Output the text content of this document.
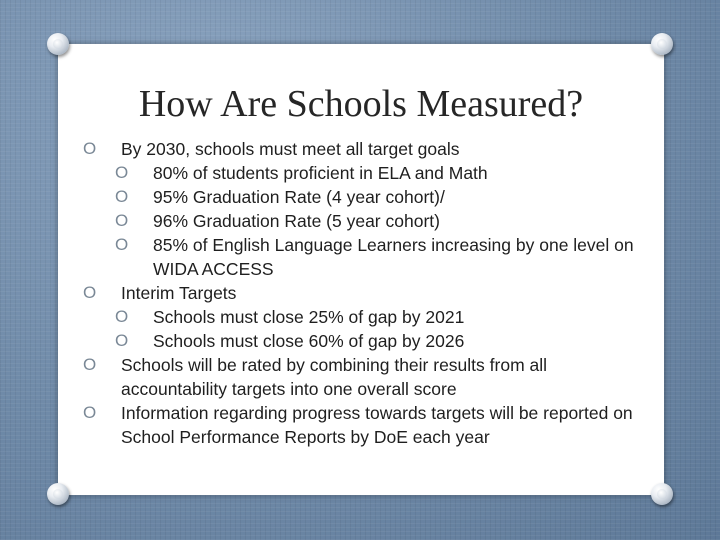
How Are Schools Measured?
O By 2030, schools must meet all target goals
O 80% of students proficient in ELA and Math
O 95% Graduation Rate (4 year cohort)/
O 96% Graduation Rate (5 year cohort)
O 85% of English Language Learners increasing by one level on WIDA ACCESS
O Interim Targets
O Schools must close 25% of gap by 2021
O Schools must close 60% of gap by 2026
O Schools will be rated by combining their results from all accountability targets into one overall score
O Information regarding progress towards targets will be reported on School Performance Reports by DoE each year
